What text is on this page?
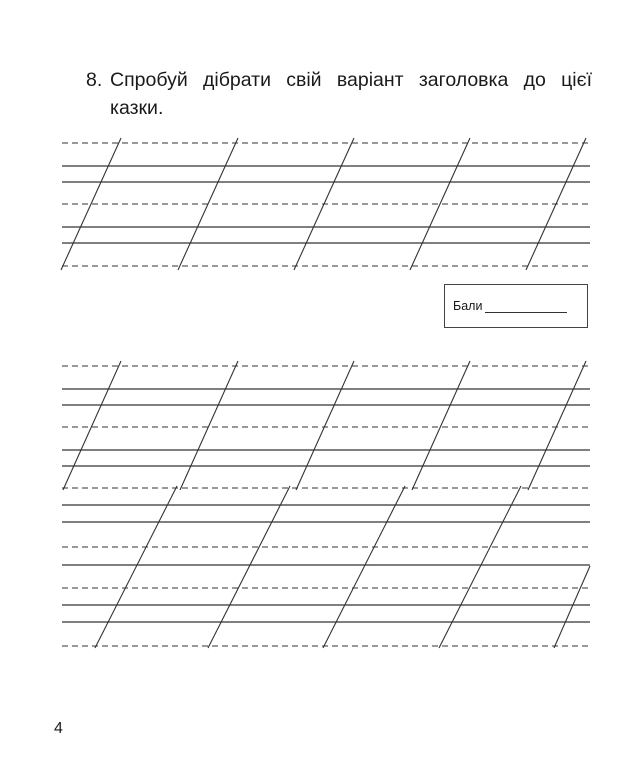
8. Спробуй дібрати свій варіант заголовка до цієї казки.
Бали
4
